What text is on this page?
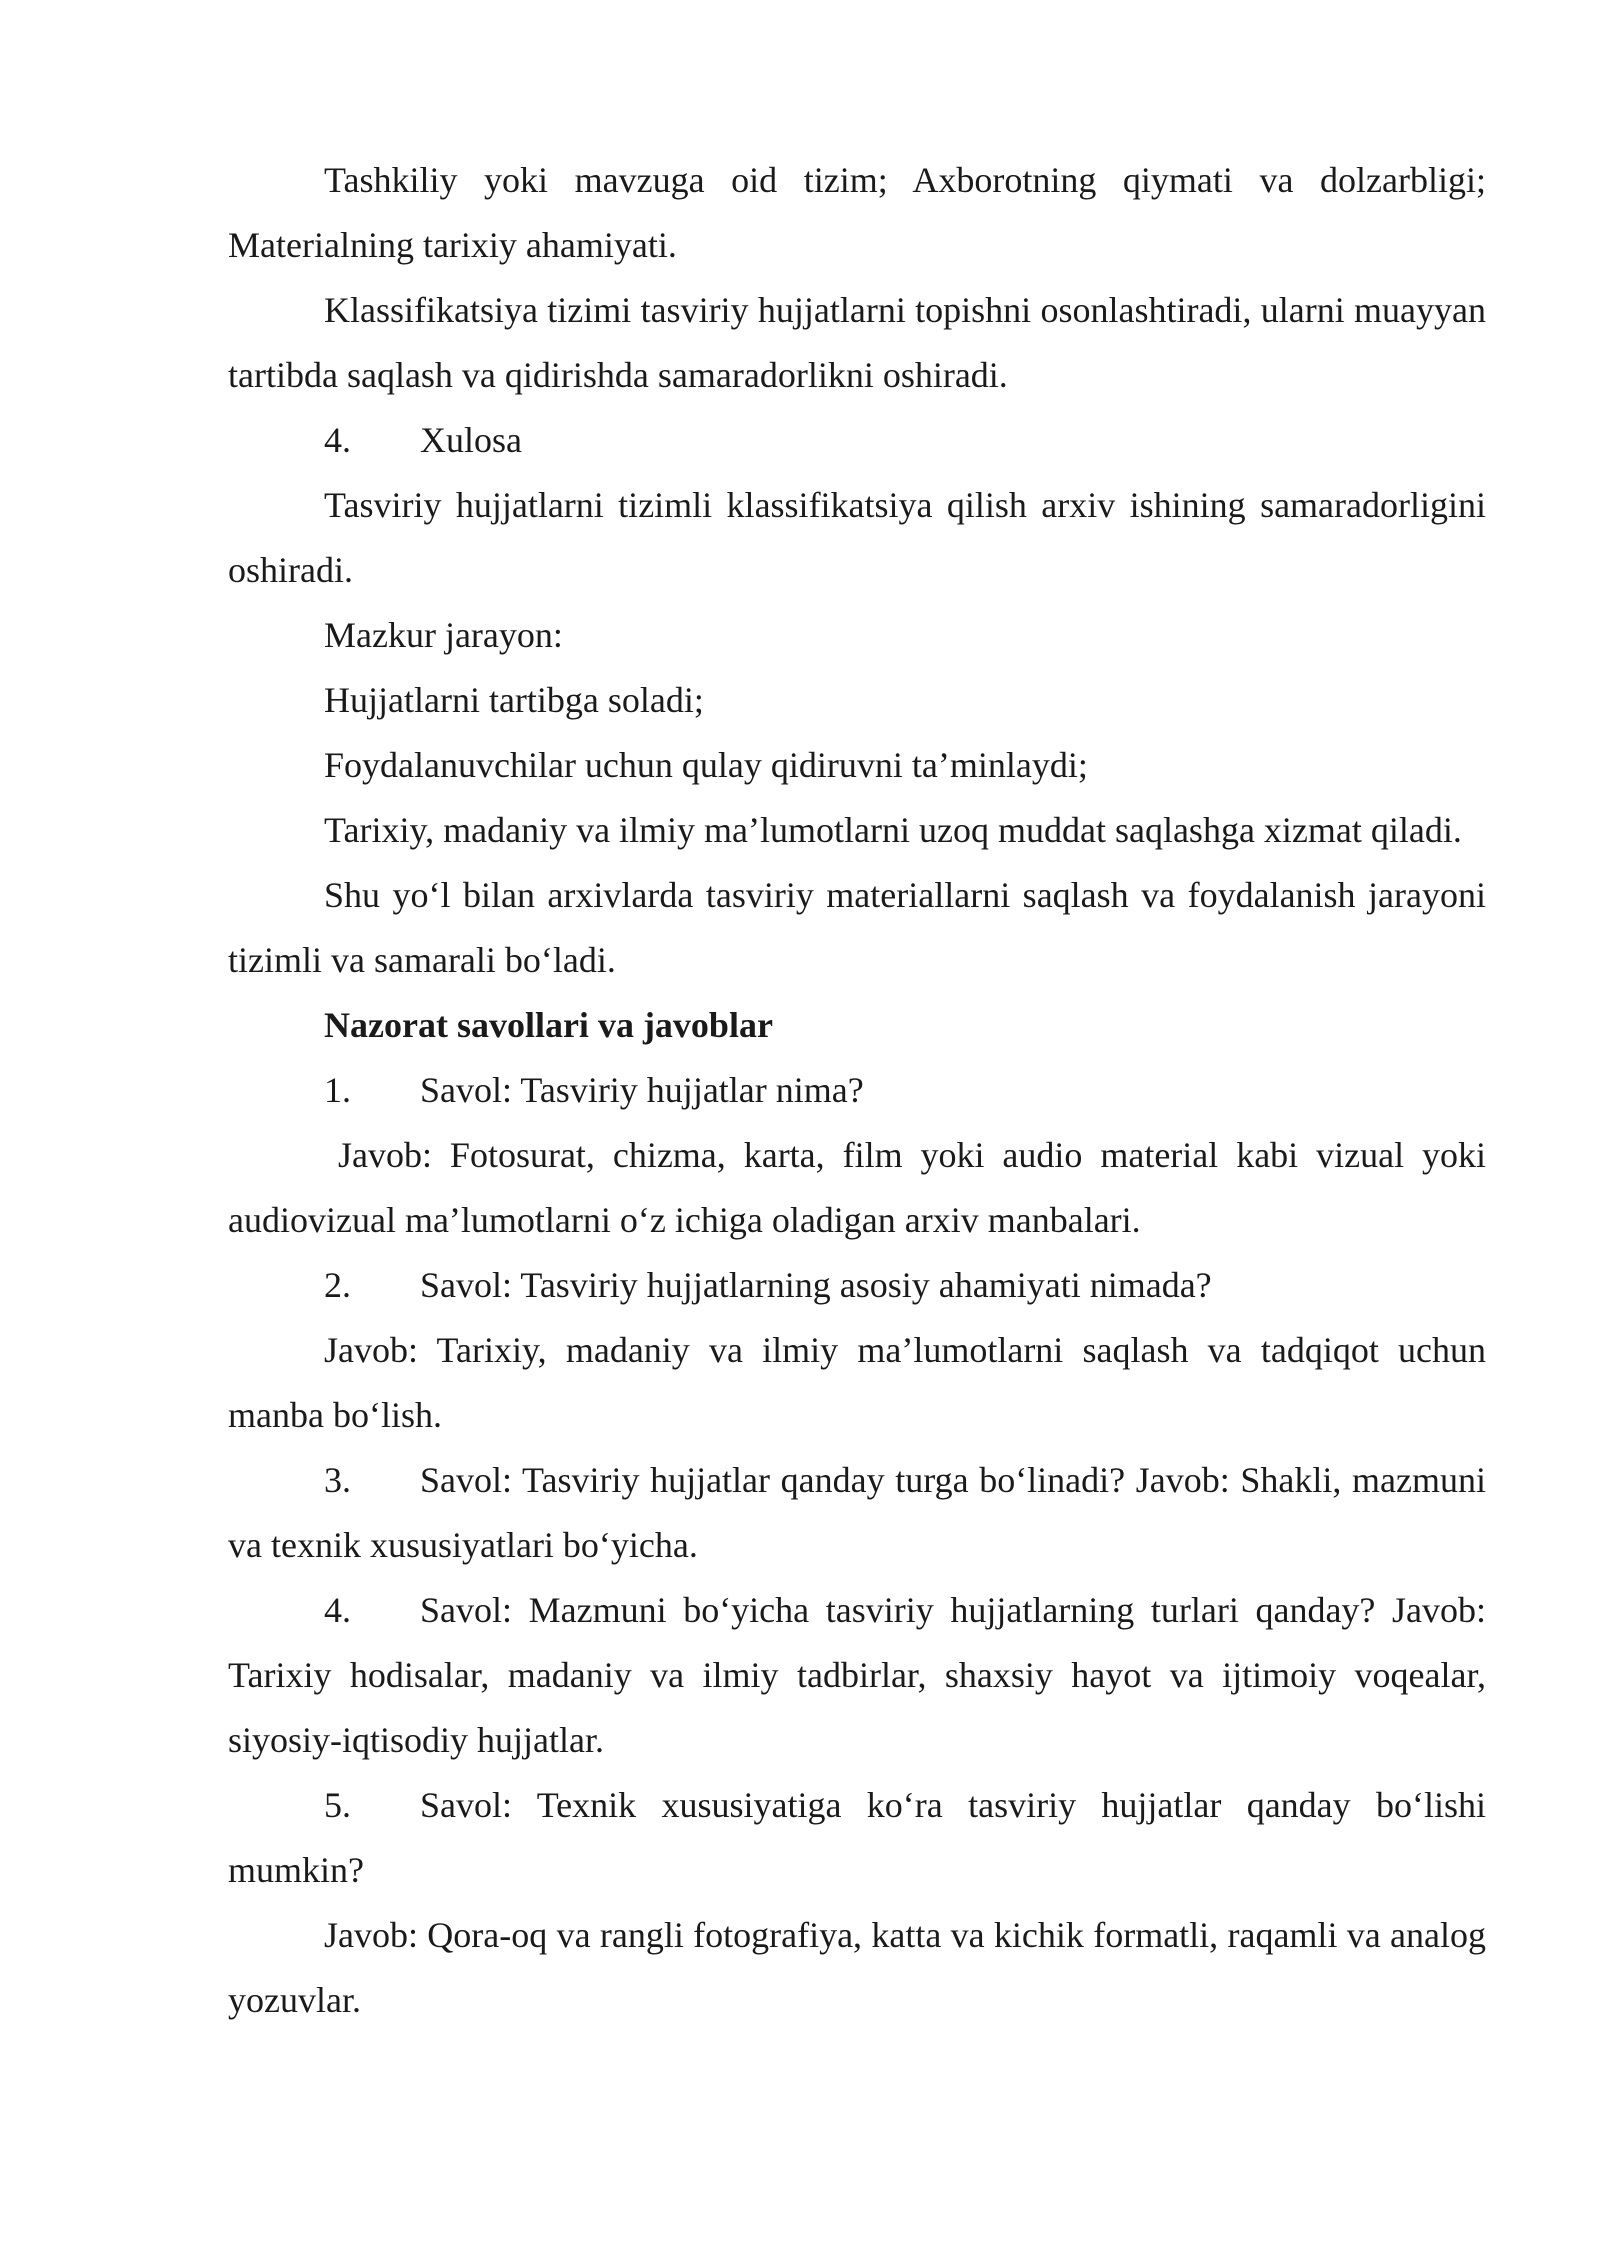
Tashkiliy yoki mavzuga oid tizim; Axborotning qiymati va dolzarbligi; Materialning tarixiy ahamiyati.

Klassifikatsiya tizimi tasviriy hujjatlarni topishni osonlashtiradi, ularni muayyan tartibda saqlash va qidirishda samaradorlikni oshiradi.

4. Xulosa

Tasviriy hujjatlarni tizimli klassifikatsiya qilish arxiv ishining samaradorligini oshiradi.

Mazkur jarayon:

Hujjatlarni tartibga soladi;

Foydalanuvchilar uchun qulay qidiruvni ta’minlaydi;

Tarixiy, madaniy va ilmiy ma’lumotlarni uzoq muddat saqlashga xizmat qiladi.

Shu yo‘l bilan arxivlarda tasviriy materiallarni saqlash va foydalanish jarayoni tizimli va samarali bo‘ladi.

Nazorat savollari va javoblar

1. Savol: Tasviriy hujjatlar nima?

Javob: Fotosurat, chizma, karta, film yoki audio material kabi vizual yoki audiovizual ma’lumotlarni o‘z ichiga oladigan arxiv manbalari.

2. Savol: Tasviriy hujjatlarning asosiy ahamiyati nimada?

Javob: Tarixiy, madaniy va ilmiy ma’lumotlarni saqlash va tadqiqot uchun manba bo‘lish.

3. Savol: Tasviriy hujjatlar qanday turga bo‘linadi? Javob: Shakli, mazmuni va texnik xususiyatlari bo‘yicha.

4. Savol: Mazmuni bo‘yicha tasviriy hujjatlarning turlari qanday? Javob: Tarixiy hodisalar, madaniy va ilmiy tadbirlar, shaxsiy hayot va ijtimoiy voqealar, siyosiy-iqtisodiy hujjatlar.

5. Savol: Texnik xususiyatiga ko‘ra tasviriy hujjatlar qanday bo‘lishi mumkin?

Javob: Qora-oq va rangli fotografiya, katta va kichik formatli, raqamli va analog yozuvlar.
